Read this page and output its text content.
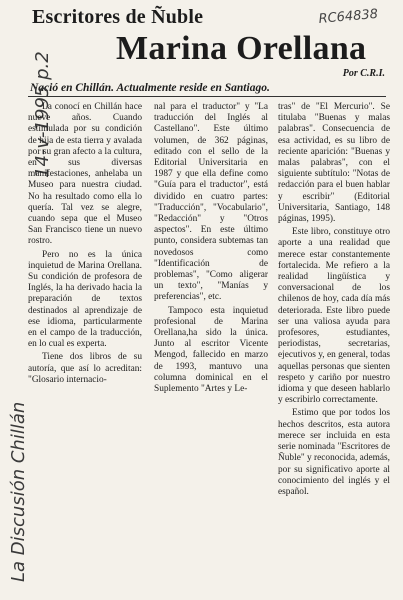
Escritores de Ñuble	RC64838
Marina Orellana
Por C.R.I.
Nació en Chillán. Actualmente reside en Santiago.
La Discusión Chillán
14-v-1995 p.2

La conocí en Chillán hace nueve años. Cuando estimulada por su condición de hija de esta tierra y avalada por su gran afecto a la cultura, en sus diversas manifestaciones, anhelaba un Museo para nuestra ciudad. No ha resultado como ella lo quería. Tal vez se alegre, cuando sepa que el Museo San Francisco tiene un nuevo rostro.

Pero no es la única inquietud de Marina Orellana. Su condición de profesora de Inglés, la ha derivado hacia la preparación de textos destinados al aprendizaje de ese idioma, particularmente en el campo de la traducción, en lo cual es experta.

Tiene dos libros de su autoría, que así lo acreditan: "Glosario internacio-

nal para el traductor" y "La traducción del Inglés al Castellano". Este último volumen, de 362 páginas, editado con el sello de la Editorial Universitaria en 1987 y que ella define como "Guía para el traductor", está dividido en cuatro partes: "Traducción", "Vocabulario", "Redacción" y "Otros aspectos". En este último punto, considera subtemas tan novedosos como "Identificación de problemas", "Como aligerar un texto", "Manías y preferencias", etc.

Tampoco esta inquietud profesional de Marina Orellana,ha sido la única. Junto al escritor Vicente Mengod, fallecido en marzo de 1993, mantuvo una columna dominical en el Suplemento "Artes y Le-

tras" de "El Mercurio". Se titulaba "Buenas y malas palabras". Consecuencia de esa actividad, es su libro de reciente aparición: "Buenas y malas palabras", con el siguiente subtítulo: "Notas de redacción para el buen hablar y escribir" (Editorial Universitaria, Santiago, 148 páginas, 1995).

Este libro, constituye otro aporte a una realidad que merece estar constantemente fortalecida. Me refiero a la realidad lingüística y conversacional de los chilenos de hoy, cada día más deteriorada. Este libro puede ser una valiosa ayuda para profesores, estudiantes, periodistas, secretarias, ejecutivos y, en general, todas aquellas personas que sienten respeto y cariño por nuestro idioma y que deseen hablarlo y escribirlo correctamente.

Estimo que por todos los hechos descritos, esta autora merece ser incluida en esta serie nominada "Escritores de Ñuble" y reconocida, además, por su significativo aporte al conocimiento del inglés y el español.
